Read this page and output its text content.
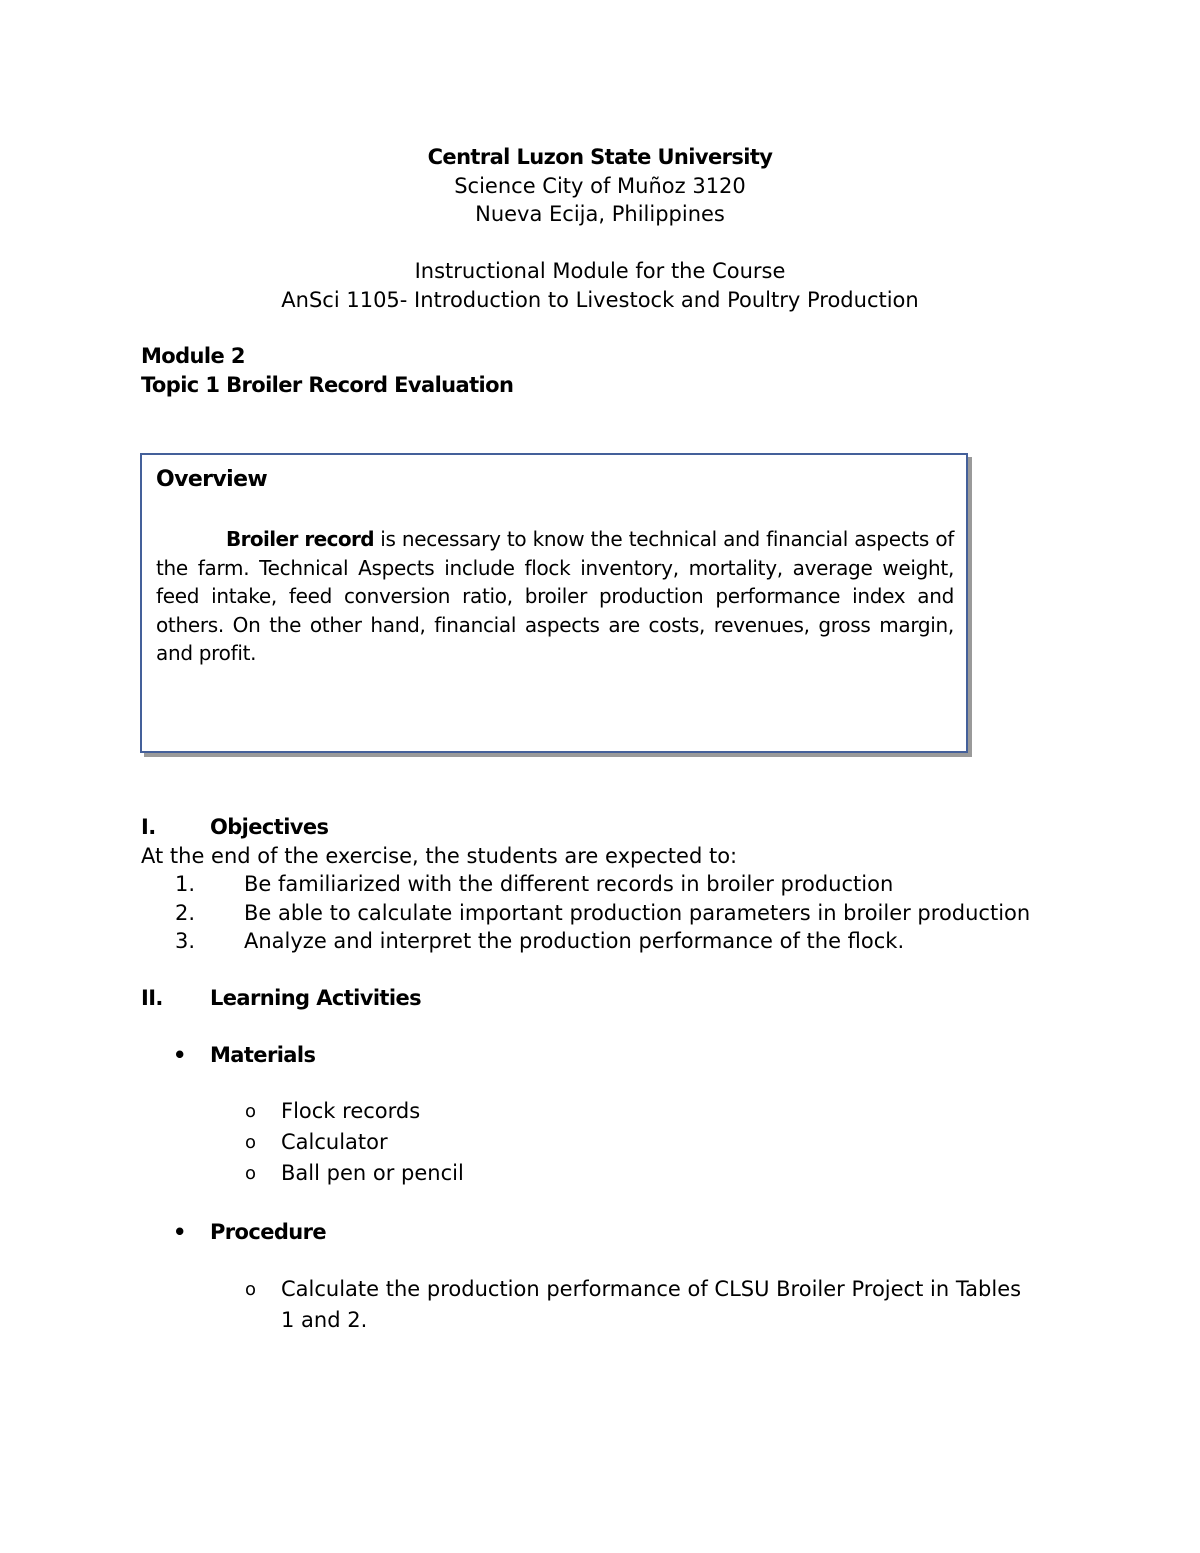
Central Luzon State University
Science City of Muñoz 3120
Nueva Ecija, Philippines
Instructional Module for the Course
AnSci 1105- Introduction to Livestock and Poultry Production
Module 2
Topic 1 Broiler Record Evaluation
Overview
Broiler record is necessary to know the technical and financial aspects of the farm. Technical Aspects include flock inventory, mortality, average weight, feed intake, feed conversion ratio, broiler production performance index and others. On the other hand, financial aspects are costs, revenues, gross margin, and profit.
I.	Objectives
At the end of the exercise, the students are expected to:
1.	Be familiarized with the different records in broiler production
2.	Be able to calculate important production parameters in broiler production
3.	Analyze and interpret the production performance of the flock.
II.	Learning Activities
•	Materials
o	Flock records
o	Calculator
o	Ball pen or pencil
•	Procedure
o	Calculate the production performance of CLSU Broiler Project in Tables 1 and 2.
